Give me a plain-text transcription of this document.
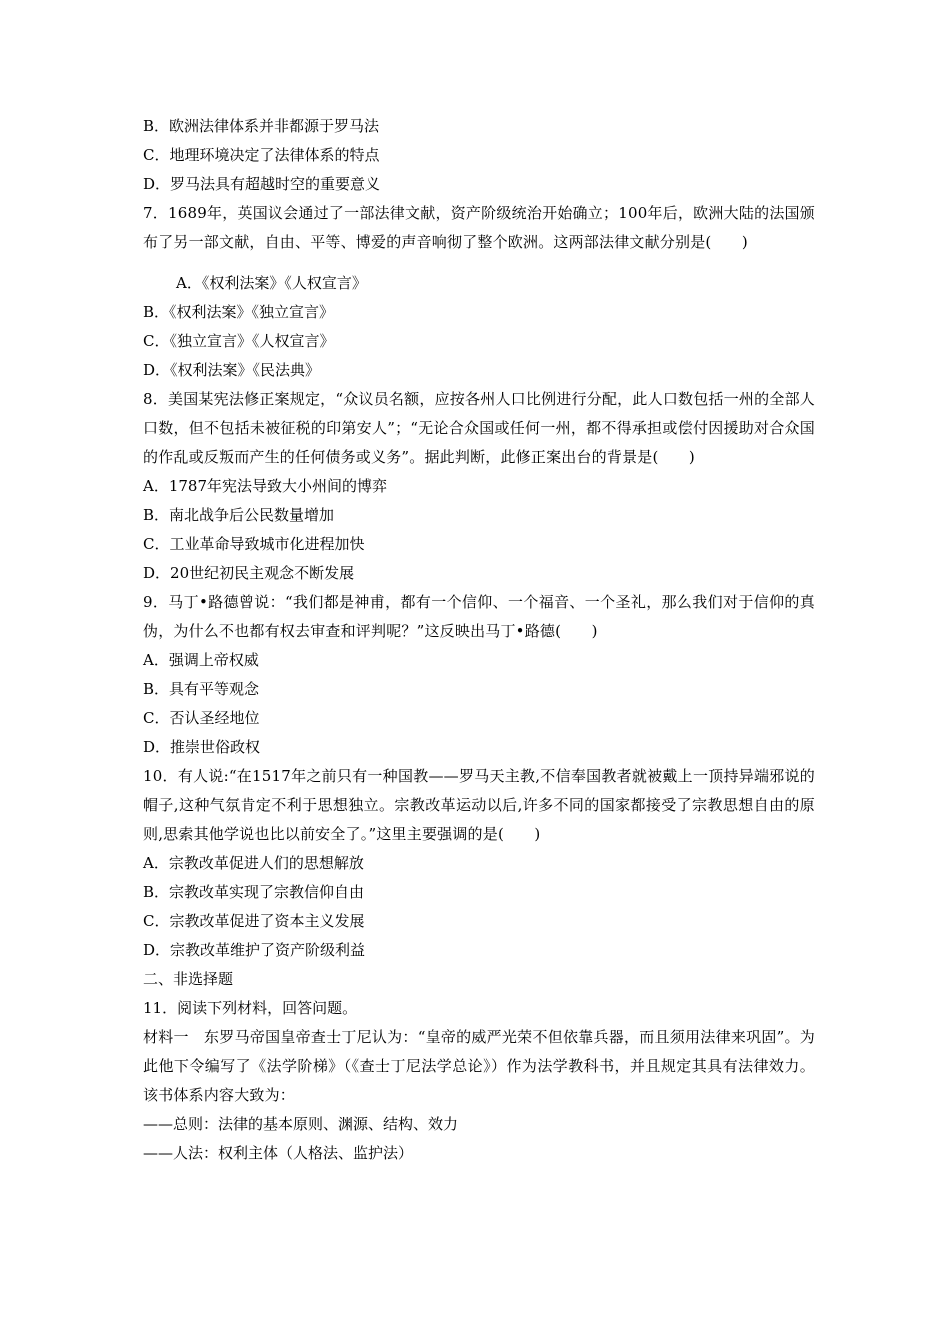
B．欧洲法律体系并非都源于罗马法
C．地理环境决定了法律体系的特点
D．罗马法具有超越时空的重要意义
7．1689年，英国议会通过了一部法律文献，资产阶级统治开始确立；100年后，欧洲大陆的法国颁布了另一部文献，自由、平等、博爱的声音响彻了整个欧洲。这两部法律文献分别是(　　)
A．《权利法案》《人权宣言》
B．《权利法案》《独立宣言》
C．《独立宣言》《人权宣言》
D．《权利法案》《民法典》
8．美国某宪法修正案规定，“众议员名额，应按各州人口比例进行分配，此人口数包括一州的全部人口数，但不包括未被征税的印第安人”；“无论合众国或任何一州，都不得承担或偿付因援助对合众国的作乱或反叛而产生的任何债务或义务”。据此判断，此修正案出台的背景是(　　)
A．1787年宪法导致大小州间的博弈
B．南北战争后公民数量增加
C．工业革命导致城市化进程加快
D．20世纪初民主观念不断发展
9．马丁•路德曾说：“我们都是神甫，都有一个信仰、一个福音、一个圣礼，那么我们对于信仰的真伪，为什么不也都有权去审查和评判呢？”这反映出马丁•路德(　　)
A．强调上帝权威
B．具有平等观念
C．否认圣经地位
D．推崇世俗政权
10．有人说:“在1517年之前只有一种国教——罗马天主教,不信奉国教者就被戴上一顶持异端邪说的帽子,这种气氛肯定不利于思想独立。宗教改革运动以后,许多不同的国家都接受了宗教思想自由的原则,思索其他学说也比以前安全了。”这里主要强调的是(　　)
A．宗教改革促进人们的思想解放
B．宗教改革实现了宗教信仰自由
C．宗教改革促进了资本主义发展
D．宗教改革维护了资产阶级利益
二、非选择题
11．阅读下列材料，回答问题。
材料一　东罗马帝国皇帝查士丁尼认为：“皇帝的威严光荣不但依靠兵器，而且须用法律来巩固”。为此他下令编写了《法学阶梯》（《查士丁尼法学总论》）作为法学教科书，并且规定其具有法律效力。该书体系内容大致为：
——总则：法律的基本原则、渊源、结构、效力
——人法：权利主体（人格法、监护法）
